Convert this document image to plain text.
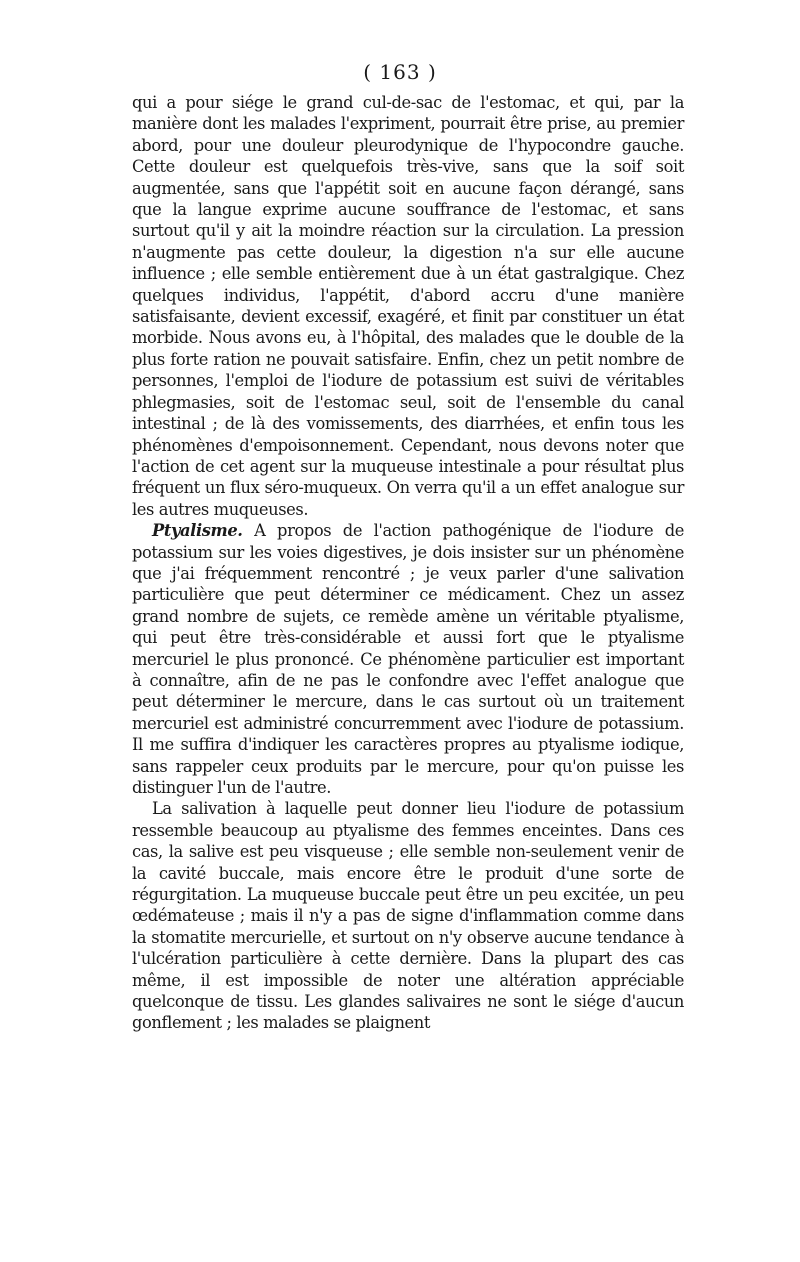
( 163 )

qui a pour siége le grand cul-de-sac de l'estomac, et qui, par la manière dont les malades l'expriment, pourrait être prise, au premier abord, pour une douleur pleurodynique de l'hypocondre gauche. Cette douleur est quelquefois très-vive, sans que la soif soit augmentée, sans que l'appétit soit en aucune façon dérangé, sans que la langue exprime aucune souffrance de l'estomac, et sans surtout qu'il y ait la moindre réaction sur la circulation. La pression n'augmente pas cette douleur, la digestion n'a sur elle aucune influence ; elle semble entièrement due à un état gastralgique. Chez quelques individus, l'appétit, d'abord accru d'une manière satisfaisante, devient excessif, exagéré, et finit par constituer un état morbide. Nous avons eu, à l'hôpital, des malades que le double de la plus forte ration ne pouvait satisfaire. Enfin, chez un petit nombre de personnes, l'emploi de l'iodure de potassium est suivi de véritables phlegmasies, soit de l'estomac seul, soit de l'ensemble du canal intestinal ; de là des vomissements, des diarrhées, et enfin tous les phénomènes d'empoisonnement. Cependant, nous devons noter que l'action de cet agent sur la muqueuse intestinale a pour résultat plus fréquent un flux séro-muqueux. On verra qu'il a un effet analogue sur les autres muqueuses.

Ptyalisme. A propos de l'action pathogénique de l'iodure de potassium sur les voies digestives, je dois insister sur un phénomène que j'ai fréquemment rencontré ; je veux parler d'une salivation particulière que peut déterminer ce médicament. Chez un assez grand nombre de sujets, ce remède amène un véritable ptyalisme, qui peut être très-considérable et aussi fort que le ptyalisme mercuriel le plus prononcé. Ce phénomène particulier est important à connaître, afin de ne pas le confondre avec l'effet analogue que peut déterminer le mercure, dans le cas surtout où un traitement mercuriel est administré concurremment avec l'iodure de potassium. Il me suffira d'indiquer les caractères propres au ptyalisme iodique, sans rappeler ceux produits par le mercure, pour qu'on puisse les distinguer l'un de l'autre.

La salivation à laquelle peut donner lieu l'iodure de potassium ressemble beaucoup au ptyalisme des femmes enceintes. Dans ces cas, la salive est peu visqueuse ; elle semble non-seulement venir de la cavité buccale, mais encore être le produit d'une sorte de régurgitation. La muqueuse buccale peut être un peu excitée, un peu œdémateuse ; mais il n'y a pas de signe d'inflammation comme dans la stomatite mercurielle, et surtout on n'y observe aucune tendance à l'ulcération particulière à cette dernière. Dans la plupart des cas même, il est impossible de noter une altération appréciable quelconque de tissu. Les glandes salivaires ne sont le siége d'aucun gonflement ; les malades se plaignent
